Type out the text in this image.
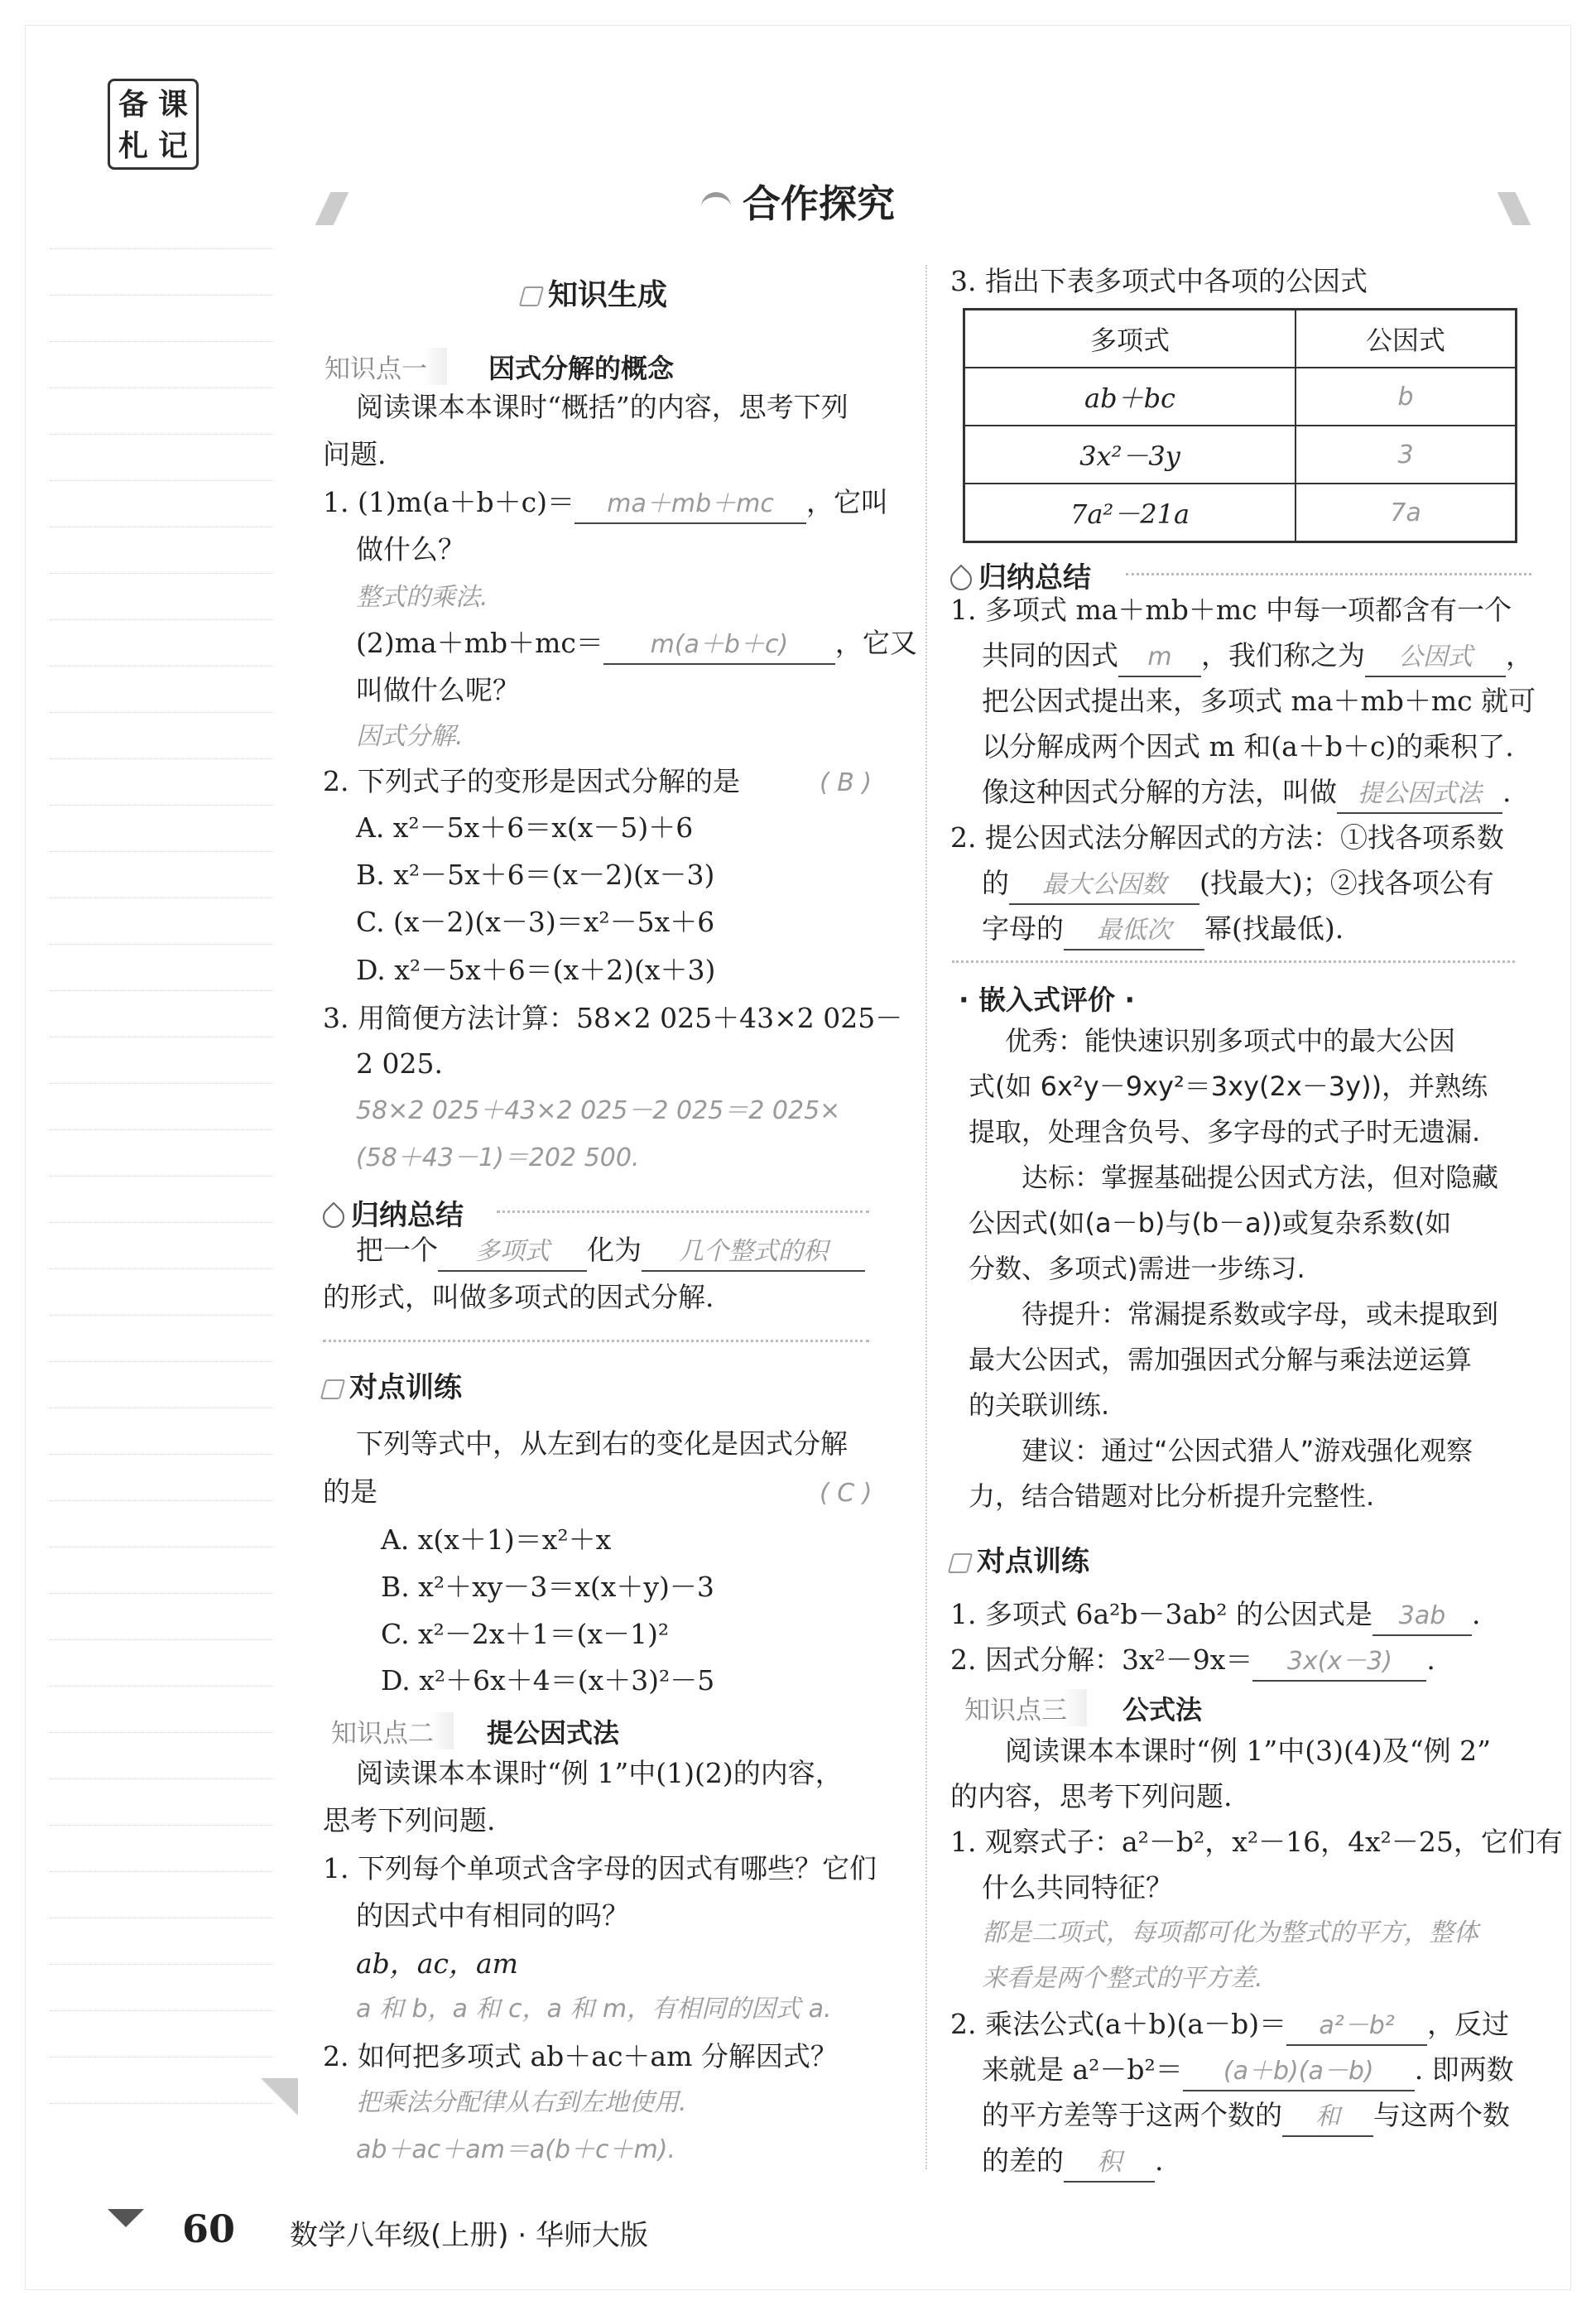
备 课
札 记
合作探究
知识生成
知识点一	因式分解的概念
阅读课本本课时“概括”的内容，思考下列
问题.
1. (1)m(a＋b＋c)＝ ma＋mb＋mc ，它叫
做什么？
整式的乘法.
(2)ma＋mb＋mc＝ m(a＋b＋c) ，它又
叫做什么呢？
因式分解.
2. 下列式子的变形是因式分解的是	( B )
A. x²－5x＋6＝x(x－5)＋6
B. x²－5x＋6＝(x－2)(x－3)
C. (x－2)(x－3)＝x²－5x＋6
D. x²－5x＋6＝(x＋2)(x＋3)
3. 用简便方法计算：58×2 025＋43×2 025－
2 025.
58×2 025＋43×2 025－2 025＝2 025×
(58＋43－1)＝202 500.
归纳总结
把一个 多项式 化为 几个整式的积
的形式，叫做多项式的因式分解.
对点训练
下列等式中，从左到右的变化是因式分解
的是	( C )
A. x(x＋1)＝x²＋x
B. x²＋xy－3＝x(x＋y)－3
C. x²－2x＋1＝(x－1)²
D. x²＋6x＋4＝(x＋3)²－5
知识点二	提公因式法
阅读课本本课时“例 1”中(1)(2)的内容，
思考下列问题.
1. 下列每个单项式含字母的因式有哪些？它们
的因式中有相同的吗？
ab，ac，am
a 和 b，a 和 c，a 和 m，有相同的因式 a.
2. 如何把多项式 ab＋ac＋am 分解因式？
把乘法分配律从右到左地使用.
ab＋ac＋am＝a(b＋c＋m).
3. 指出下表多项式中各项的公因式
多项式	公因式
ab＋bc	b
3x²－3y	3
7a²－21a	7a
归纳总结
1. 多项式 ma＋mb＋mc 中每一项都含有一个
共同的因式 m ，我们称之为 公因式 ，
把公因式提出来，多项式 ma＋mb＋mc 就可
以分解成两个因式 m 和(a＋b＋c)的乘积了.
像这种因式分解的方法，叫做 提公因式法 .
2. 提公因式法分解因式的方法：①找各项系数
的 最大公因数 (找最大)；②找各项公有
字母的 最低次 幂(找最低).
· 嵌入式评价 ·
优秀：能快速识别多项式中的最大公因
式(如 6x²y－9xy²＝3xy(2x－3y))，并熟练
提取，处理含负号、多字母的式子时无遗漏.
达标：掌握基础提公因式方法，但对隐藏
公因式(如(a－b)与(b－a))或复杂系数(如
分数、多项式)需进一步练习.
待提升：常漏提系数或字母，或未提取到
最大公因式，需加强因式分解与乘法逆运算
的关联训练.
建议：通过“公因式猎人”游戏强化观察
力，结合错题对比分析提升完整性.
对点训练
1. 多项式 6a²b－3ab² 的公因式是 3ab .
2. 因式分解：3x²－9x＝ 3x(x－3) .
知识点三	公式法
阅读课本本课时“例 1”中(3)(4)及“例 2”
的内容，思考下列问题.
1. 观察式子：a²－b²，x²－16，4x²－25，它们有
什么共同特征？
都是二项式，每项都可化为整式的平方，整体
来看是两个整式的平方差.
2. 乘法公式(a＋b)(a－b)＝ a²－b² ，反过
来就是 a²－b²＝ (a＋b)(a－b) . 即两数
的平方差等于这两个数的 和 与这两个数
的差的 积 .
60 数学八年级(上册) · 华师大版
